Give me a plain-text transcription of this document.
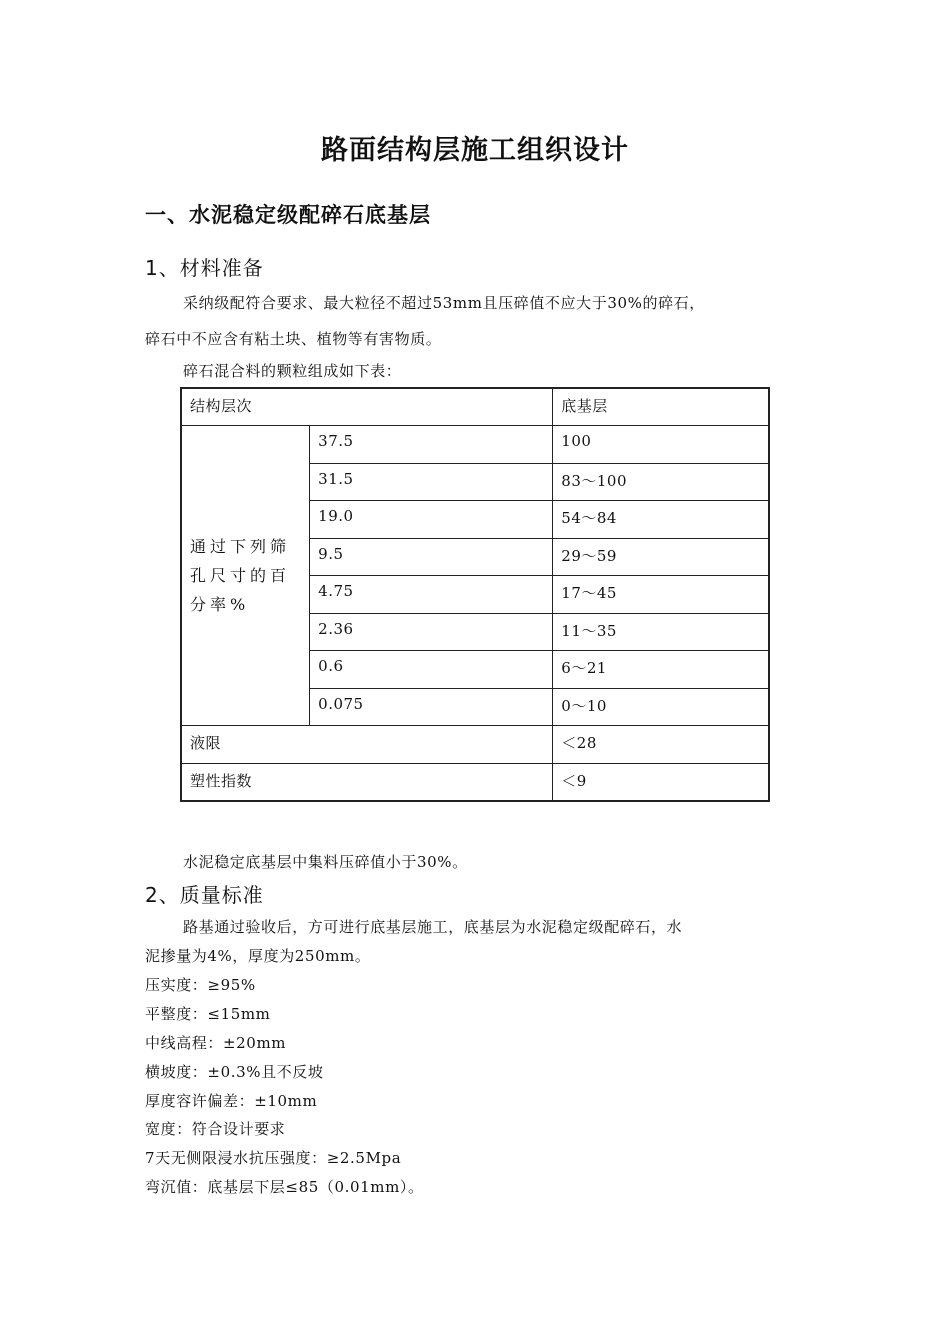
路面结构层施工组织设计
一、水泥稳定级配碎石底基层
1、材料准备
采纳级配符合要求、最大粒径不超过53mm且压碎值不应大于30%的碎石，
碎石中不应含有粘土块、植物等有害物质。
碎石混合料的颗粒组成如下表：
结构层次		底基层
通过下列筛孔尺寸的百分率%	37.5	100
	31.5	83～100
	19.0	54～84
	9.5	29～59
	4.75	17～45
	2.36	11～35
	0.6	6～21
	0.075	0～10
液限		＜28
塑性指数		＜9
水泥稳定底基层中集料压碎值小于30%。
2、质量标准
路基通过验收后，方可进行底基层施工，底基层为水泥稳定级配碎石，水
泥掺量为4%，厚度为250mm。
压实度：≥95%
平整度：≤15mm
中线高程：±20mm
横坡度：±0.3%且不反坡
厚度容许偏差：±10mm
宽度：符合设计要求
7天无侧限浸水抗压强度：≥2.5Mpa
弯沉值：底基层下层≤85（0.01mm）。
